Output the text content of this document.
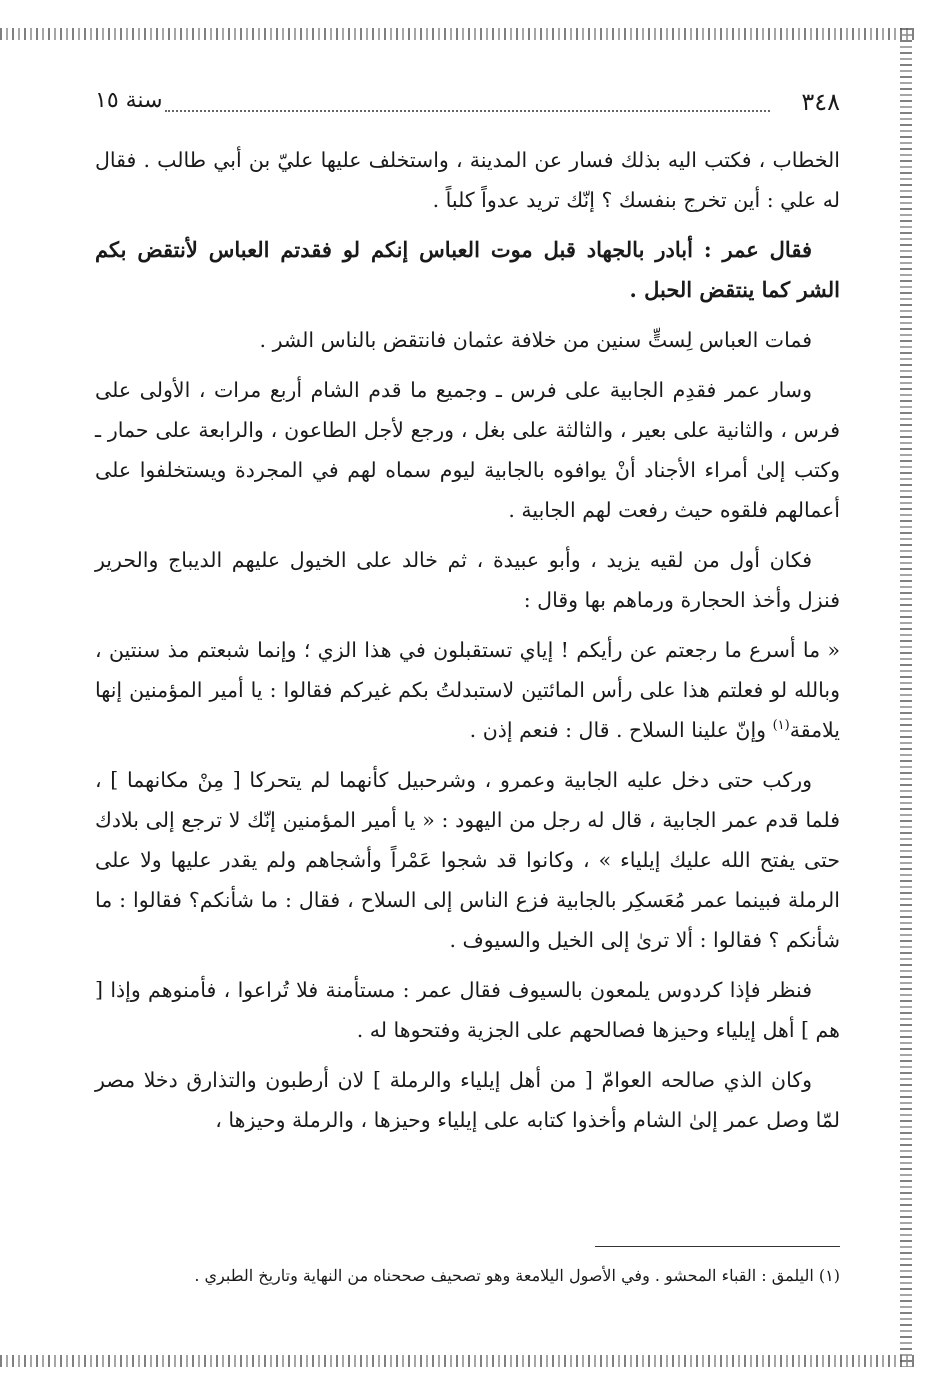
٣٤٨
سنة ١٥

الخطاب ، فكتب اليه بذلك فسار عن المدينة ، واستخلف عليها عليّ بن أبي طالب . فقال له علي : أين تخرج بنفسك ؟ إنّك تريد عدواً كلباً .

فقال عمر : أبادر بالجهاد قبل موت العباس إنكم لو فقدتم العباس لأنتقض بكم الشر كما ينتقض الحبل .

فمات العباس لِستٍّ سنين من خلافة عثمان فانتقض بالناس الشر .

وسار عمر فقدِم الجابية على فرس ـ وجميع ما قدم الشام أربع مرات ، الأولى على فرس ، والثانية على بعير ، والثالثة على بغل ، ورجع لأجل الطاعون ، والرابعة على حمار ـ وكتب إلىٰ أمراء الأجناد أنْ يوافوه بالجابية ليوم سماه لهم في المجردة ويستخلفوا على أعمالهم فلقوه حيث رفعت لهم الجابية .

فكان أول من لقيه يزيد ، وأبو عبيدة ، ثم خالد على الخيول عليهم الديباج والحرير فنزل وأخذ الحجارة ورماهم بها وقال :

« ما أسرع ما رجعتم عن رأيكم ! إياي تستقبلون في هذا الزي ؛ وإنما شبعتم مذ سنتين ، وبالله لو فعلتم هذا على رأس المائتين لاستبدلتُ بكم غيركم فقالوا : يا أمير المؤمنين إنها يلامقة$^{(١)}$ وإنّ علينا السلاح . قال : فنعم إذن .

وركب حتى دخل عليه الجابية وعمرو ، وشرحبيل كأنهما لم يتحركا [ مِنْ مكانهما ] ، فلما قدم عمر الجابية ، قال له رجل من اليهود : « يا أمير المؤمنين إنّك لا ترجع إلى بلادك حتى يفتح الله عليك إيلياء » ، وكانوا قد شجوا عَمْراً وأشجاهم ولم يقدر عليها ولا على الرملة فبينما عمر مُعَسكِر بالجابية فزع الناس إلى السلاح ، فقال : ما شأنكم؟ فقالوا : ما شأنكم ؟ فقالوا : ألا ترىٰ إلى الخيل والسيوف .

فنظر فإذا كردوس يلمعون بالسيوف فقال عمر : مستأمنة فلا تُراعوا ، فأمنوهم وإذا [ هم ] أهل إيلياء وحيزها فصالحهم على الجزية وفتحوها له .

وكان الذي صالحه العوامّ [ من أهل إيلياء والرملة ] لان أرطبون والتذارق دخلا مصر لمّا وصل عمر إلىٰ الشام وأخذوا كتابه على إيلياء وحيزها ، والرملة وحيزها ،

(١) اليلمق : القباء المحشو . وفي الأصول اليلامعة وهو تصحيف صححناه من النهاية وتاريخ الطبري .
